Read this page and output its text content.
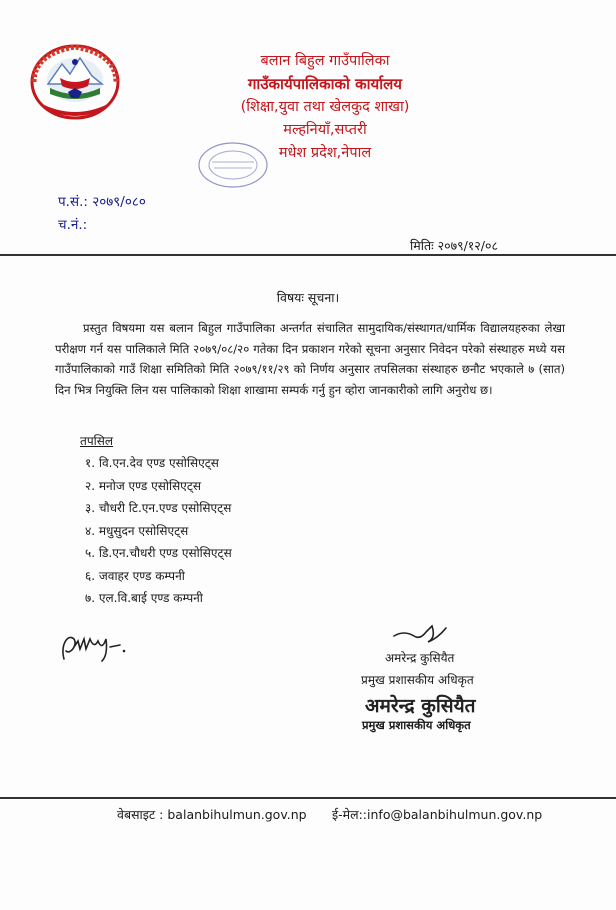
बलान बिहुल गाउँपालिका
गाउँकार्यपालिकाको कार्यालय
(शिक्षा,युवा तथा खेलकुद शाखा)
मल्हनियाँ,सप्तरी
मधेश प्रदेश,नेपाल
प.सं.: २०७९/०८०
च.नं.:
मितिः २०७९/१२/०८
विषयः सूचना।

प्रस्तुत विषयमा यस बलान बिहुल गाउँपालिका अन्तर्गत संचालित सामुदायिक/संस्थागत/धार्मिक विद्यालयहरुका लेखा परीक्षण गर्न यस पालिकाले मिति २०७९/०८/२० गतेका दिन प्रकाशन गरेको सूचना अनुसार निवेदन परेको संस्थाहरु मध्ये यस गाउँपालिकाको गाउँ शिक्षा समितिको मिति २०७९/११/२९ को निर्णय अनुसार तपसिलका संस्थाहरु छनौट भएकाले ७ (सात) दिन भित्र नियुक्ति लिन यस पालिकाको शिक्षा शाखामा सम्पर्क गर्नु हुन व्होरा जानकारीको लागि अनुरोध छ।

तपसिल
१. वि.एन.देव एण्ड एसोसिएट्स
२. मनोज एण्ड एसोसिएट्स
३. चौधरी टि.एन.एण्ड एसोसिएट्स
४. मधुसुदन एसोसिएट्स
५. डि.एन.चौधरी एण्ड एसोसिएट्स
६. जवाहर एण्ड कम्पनी
७. एल.वि.बाई एण्ड कम्पनी
अमरेन्द्र कुसियैत
प्रमुख प्रशासकीय अधिकृत
अमरेन्द्र कुसियैत
प्रमुख प्रशासकीय अधिकृत
वेबसाइट : balanbihulmun.gov.np ई-मेल::info@balanbihulmun.gov.np
